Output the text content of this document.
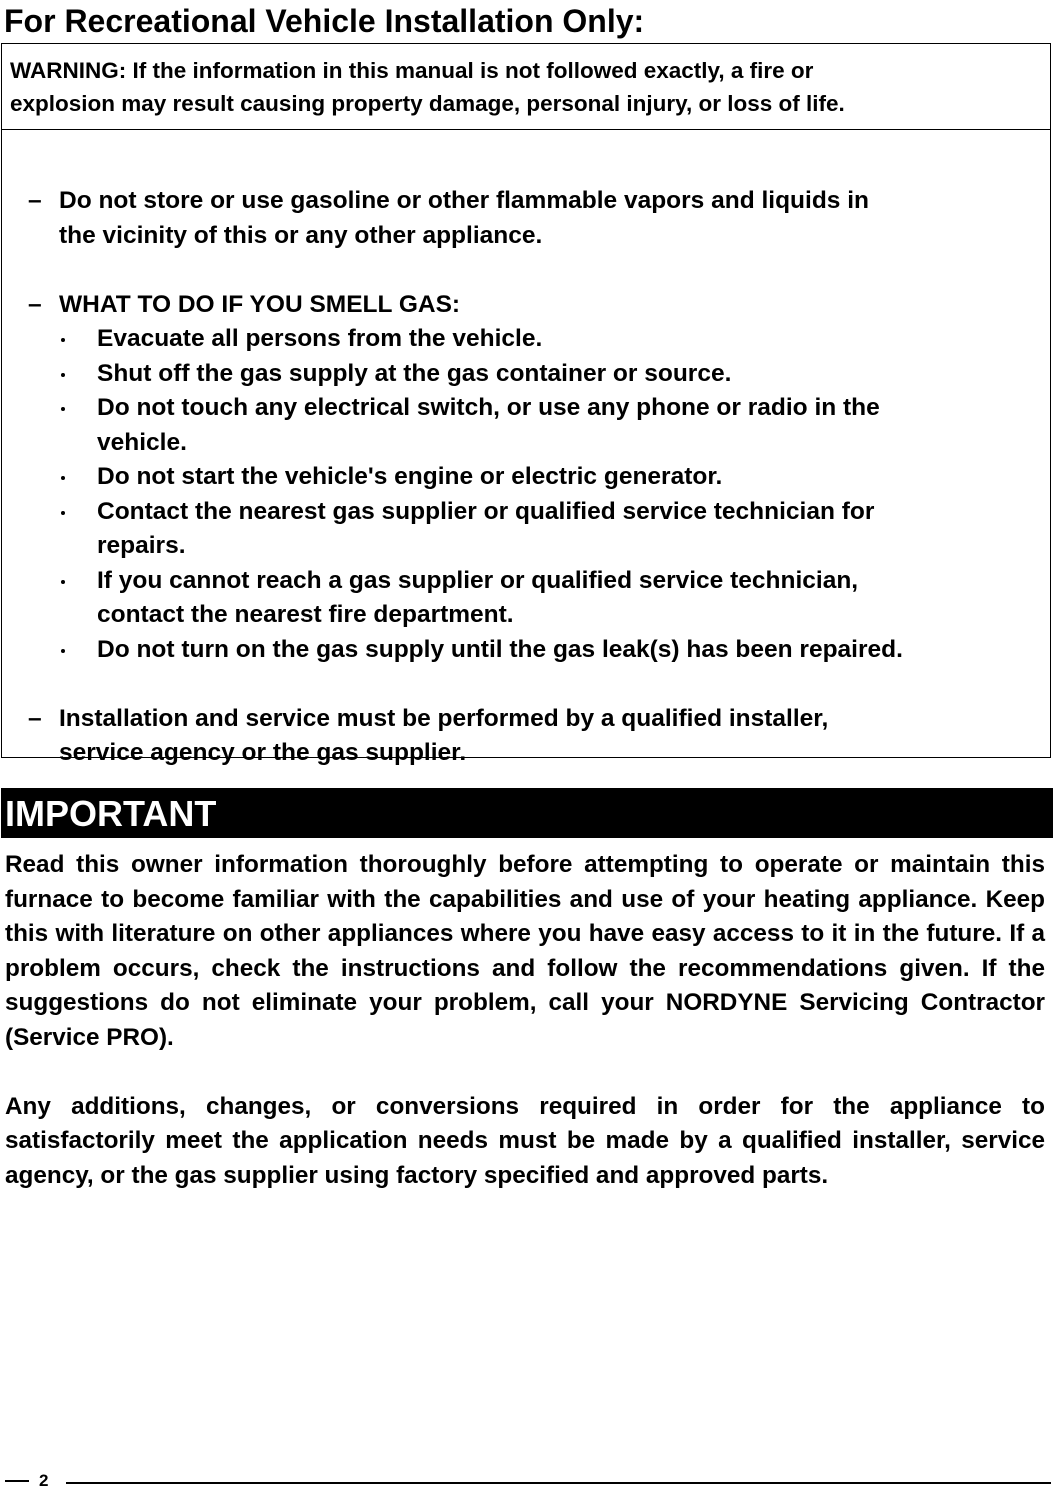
For Recreational Vehicle Installation Only:
WARNING: If the information in this manual is not followed exactly, a fire or
explosion may result causing property damage, personal injury, or loss of life.
– Do not store or use gasoline or other flammable vapors and liquids in
the vicinity of this or any other appliance.
– WHAT TO DO IF YOU SMELL GAS:
Evacuate all persons from the vehicle.
Shut off the gas supply at the gas container or source.
Do not touch any electrical switch, or use any phone or radio in the
vehicle.
Do not start the vehicle's engine or electric generator.
Contact the nearest gas supplier or qualified service technician for
repairs.
If you cannot reach a gas supplier or qualified service technician,
contact the nearest fire department.
Do not turn on the gas supply until the gas leak(s) has been repaired.
– Installation and service must be performed by a qualified installer,
service agency or the gas supplier.
IMPORTANT

Read this owner information thoroughly before attempting to operate or maintain this furnace to become familiar with the capabilities and use of your heating appliance. Keep this with literature on other appliances where you have easy access to it in the future. If a problem occurs, check the instructions and follow the recommendations given. If the suggestions do not eliminate your problem, call your NORDYNE Servicing Contractor (Service PRO).

Any additions, changes, or conversions required in order for the appliance to satisfactorily meet the application needs must be made by a qualified installer, service agency, or the gas supplier using factory specified and approved parts.

2
